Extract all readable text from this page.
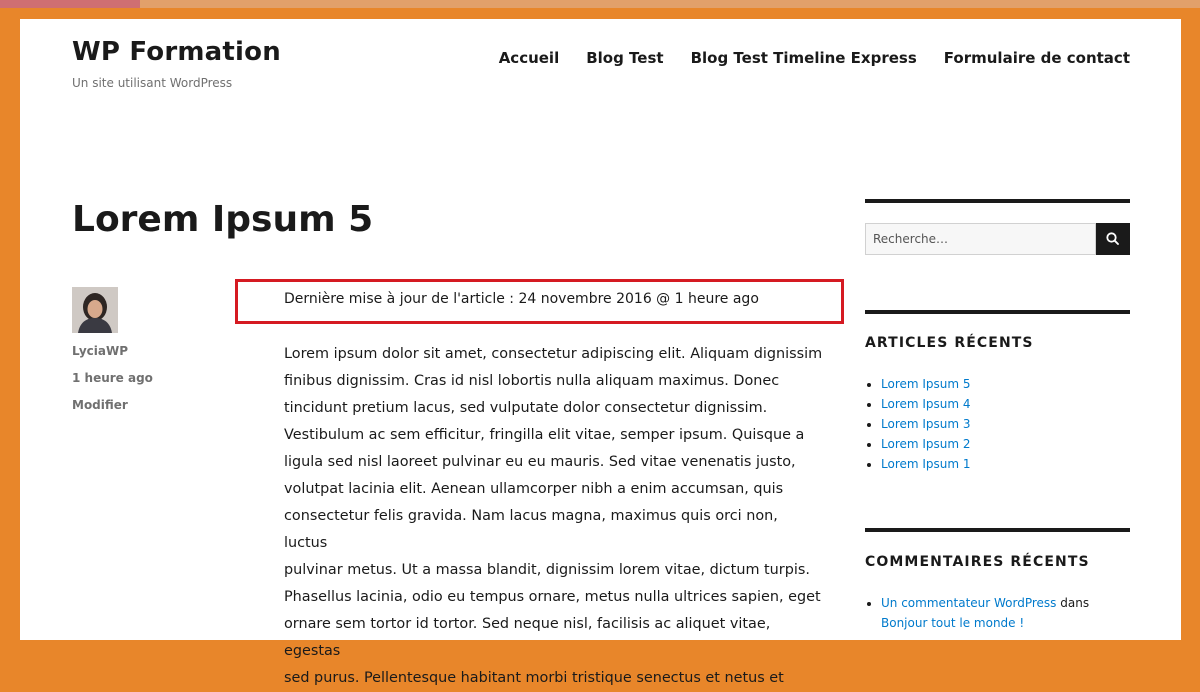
WP Formation
Un site utilisant WordPress
Accueil Blog Test Blog Test Timeline Express Formulaire de contact
Lorem Ipsum 5
LyciaWP
1 heure ago
Modifier
Dernière mise à jour de l'article : 24 novembre 2016 @ 1 heure ago

Lorem ipsum dolor sit amet, consectetur adipiscing elit. Aliquam dignissim
finibus dignissim. Cras id nisl lobortis nulla aliquam maximus. Donec
tincidunt pretium lacus, sed vulputate dolor consectetur dignissim.
Vestibulum ac sem efficitur, fringilla elit vitae, semper ipsum. Quisque a
ligula sed nisl laoreet pulvinar eu eu mauris. Sed vitae venenatis justo,
volutpat lacinia elit. Aenean ullamcorper nibh a enim accumsan, quis
consectetur felis gravida. Nam lacus magna, maximus quis orci non, luctus
pulvinar metus. Ut a massa blandit, dignissim lorem vitae, dictum turpis.
Phasellus lacinia, odio eu tempus ornare, metus nulla ultrices sapien, eget
ornare sem tortor id tortor. Sed neque nisl, facilisis ac aliquet vitae, egestas
sed purus. Pellentesque habitant morbi tristique senectus et netus et

Recherche…
ARTICLES RÉCENTS
• Lorem Ipsum 5
• Lorem Ipsum 4
• Lorem Ipsum 3
• Lorem Ipsum 2
• Lorem Ipsum 1
COMMENTAIRES RÉCENTS
• Un commentateur WordPress dans
Bonjour tout le monde !
